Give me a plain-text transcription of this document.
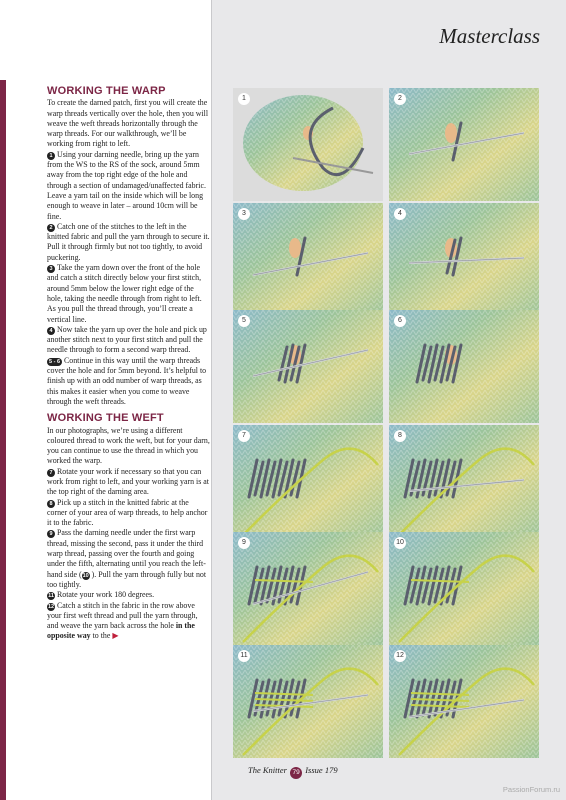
Masterclass
WORKING THE WARP

To create the darned patch, first you will create the warp threads vertically over the hole, then you will weave the weft threads horizontally through the warp threads. For our walkthrough, we’ll be working from right to left.

1 Using your darning needle, bring up the yarn from the WS to the RS of the sock, around 5mm away from the top right edge of the hole and through a section of undamaged/unaffected fabric. Leave a yarn tail on the inside which will be long enough to weave in later – around 10cm will be fine.

2 Catch one of the stitches to the left in the knitted fabric and pull the yarn through to secure it. Pull it through firmly but not too tightly, to avoid puckering.

3 Take the yarn down over the front of the hole and catch a stitch directly below your first stitch, around 5mm below the lower right edge of the hole, taking the needle through from right to left. As you pull the thread through, you’ll create a vertical line.

4 Now take the yarn up over the hole and pick up another stitch next to your first stitch and pull the needle through to form a second warp thread.

5 - 6 Continue in this way until the warp threads cover the hole and for 5mm beyond. It’s helpful to finish up with an odd number of warp threads, as this makes it easier when you come to weave through the weft threads.

WORKING THE WEFT

In our photographs, we’re using a different coloured thread to work the weft, but for your darn, you can continue to use the thread in which you worked the warp.

7 Rotate your work if necessary so that you can work from right to left, and your working yarn is at the top right of the darning area.

8 Pick up a stitch in the knitted fabric at the corner of your area of warp threads, to help anchor it to the fabric.

9 Pass the darning needle under the first warp thread, missing the second, pass it under the third warp thread, passing over the fourth and going under the fifth, alternating until you reach the left-hand side (10 ). Pull the yarn through fully but not too tightly.

11 Rotate your work 180 degrees.

12 Catch a stitch in the fabric in the row above your first weft thread and pull the yarn through, and weave the yarn back across the hole in the opposite way to the ▶

1	2
3	4
5	6
7	8
9	10
11	12
The Knitter 79 Issue 179
PassionForum.ru
